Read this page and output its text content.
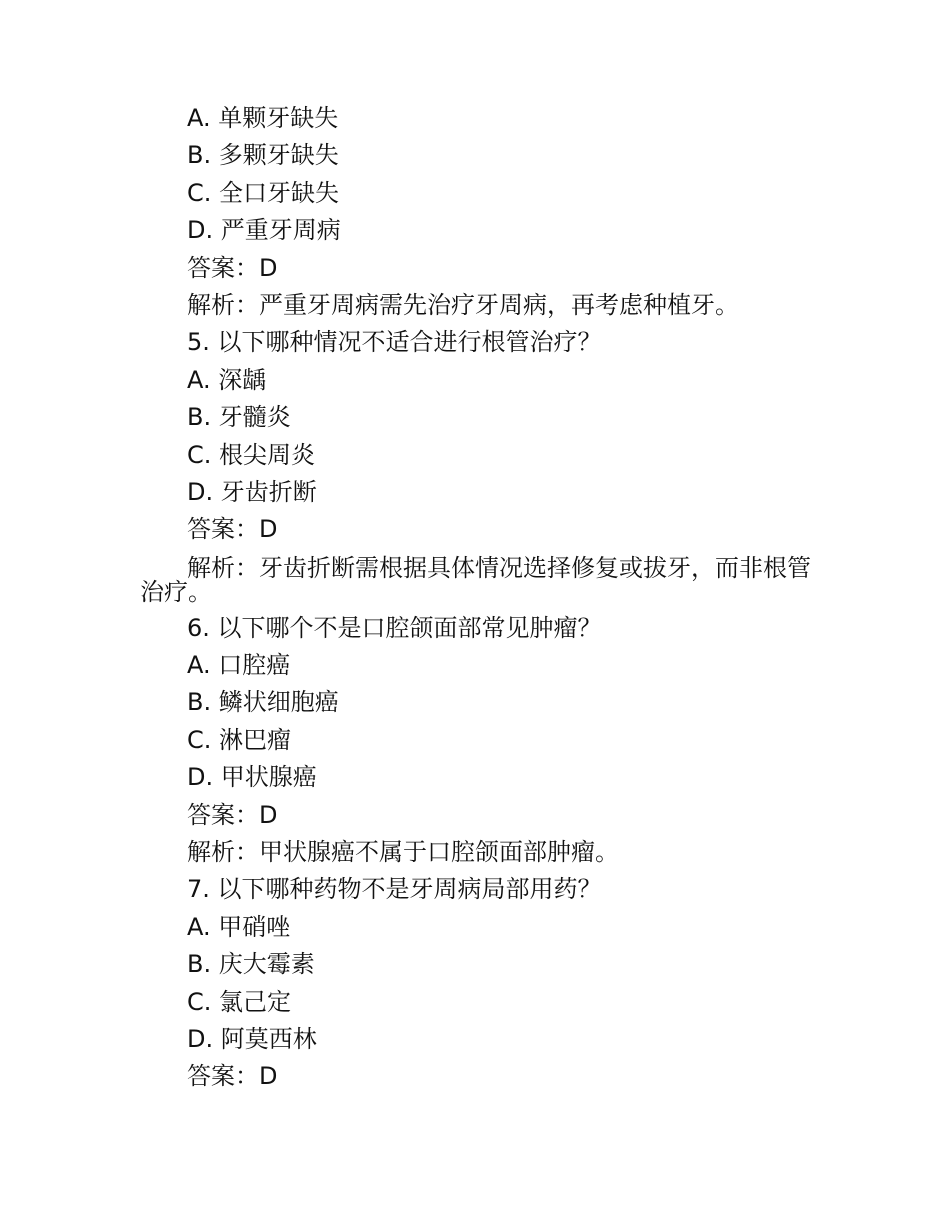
A. 单颗牙缺失
B. 多颗牙缺失
C. 全口牙缺失
D. 严重牙周病
答案：D
解析：严重牙周病需先治疗牙周病，再考虑种植牙。
5. 以下哪种情况不适合进行根管治疗？
A. 深龋
B. 牙髓炎
C. 根尖周炎
D. 牙齿折断
答案：D
解析：牙齿折断需根据具体情况选择修复或拔牙，而非根管治疗。
6. 以下哪个不是口腔颌面部常见肿瘤？
A. 口腔癌
B. 鳞状细胞癌
C. 淋巴瘤
D. 甲状腺癌
答案：D
解析：甲状腺癌不属于口腔颌面部肿瘤。
7. 以下哪种药物不是牙周病局部用药？
A. 甲硝唑
B. 庆大霉素
C. 氯己定
D. 阿莫西林
答案：D
